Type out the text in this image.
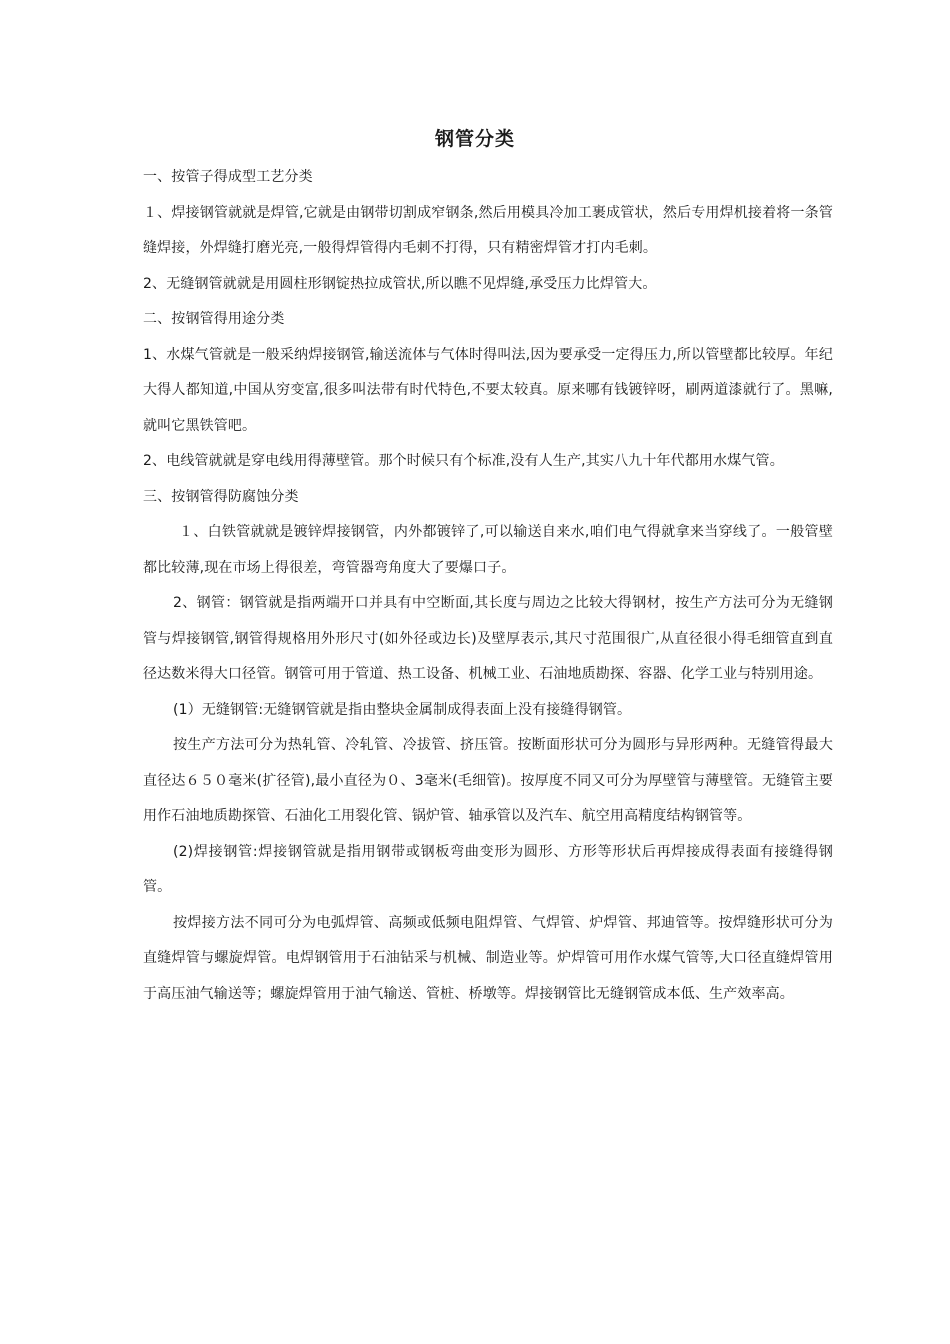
钢管分类

一、按管子得成型工艺分类

１、焊接钢管就就是焊管,它就是由钢带切割成窄钢条,然后用模具冷加工裹成管状，然后专用焊机接着将一条管缝焊接，外焊缝打磨光亮,一般得焊管得内毛刺不打得，只有精密焊管才打内毛刺。

2、无缝钢管就就是用圆柱形钢锭热拉成管状,所以瞧不见焊缝,承受压力比焊管大。

二、按钢管得用途分类

1、水煤气管就是一般采纳焊接钢管,输送流体与气体时得叫法,因为要承受一定得压力,所以管壁都比较厚。年纪大得人都知道,中国从穷变富,很多叫法带有时代特色,不要太较真。原来哪有钱镀锌呀，刷两道漆就行了。黑嘛,就叫它黑铁管吧。

2、电线管就就是穿电线用得薄壁管。那个时候只有个标准,没有人生产,其实八九十年代都用水煤气管。

三、按钢管得防腐蚀分类

１、白铁管就就是镀锌焊接钢管，内外都镀锌了,可以输送自来水,咱们电气得就拿来当穿线了。一般管壁都比较薄,现在市场上得很差，弯管器弯角度大了要爆口子。

2、钢管：钢管就是指两端开口并具有中空断面,其长度与周边之比较大得钢材，按生产方法可分为无缝钢管与焊接钢管,钢管得规格用外形尺寸(如外径或边长)及壁厚表示,其尺寸范围很广,从直径很小得毛细管直到直径达数米得大口径管。钢管可用于管道、热工设备、机械工业、石油地质勘探、容器、化学工业与特别用途。

(1）无缝钢管:无缝钢管就是指由整块金属制成得表面上没有接缝得钢管。

按生产方法可分为热轧管、冷轧管、冷拔管、挤压管。按断面形状可分为圆形与异形两种。无缝管得最大直径达６５０毫米(扩径管),最小直径为０、3毫米(毛细管)。按厚度不同又可分为厚壁管与薄壁管。无缝管主要用作石油地质勘探管、石油化工用裂化管、锅炉管、轴承管以及汽车、航空用高精度结构钢管等。

(2)焊接钢管:焊接钢管就是指用钢带或钢板弯曲变形为圆形、方形等形状后再焊接成得表面有接缝得钢管。

按焊接方法不同可分为电弧焊管、高频或低频电阻焊管、气焊管、炉焊管、邦迪管等。按焊缝形状可分为直缝焊管与螺旋焊管。电焊钢管用于石油钻采与机械、制造业等。炉焊管可用作水煤气管等,大口径直缝焊管用于高压油气输送等；螺旋焊管用于油气输送、管桩、桥墩等。焊接钢管比无缝钢管成本低、生产效率高。
